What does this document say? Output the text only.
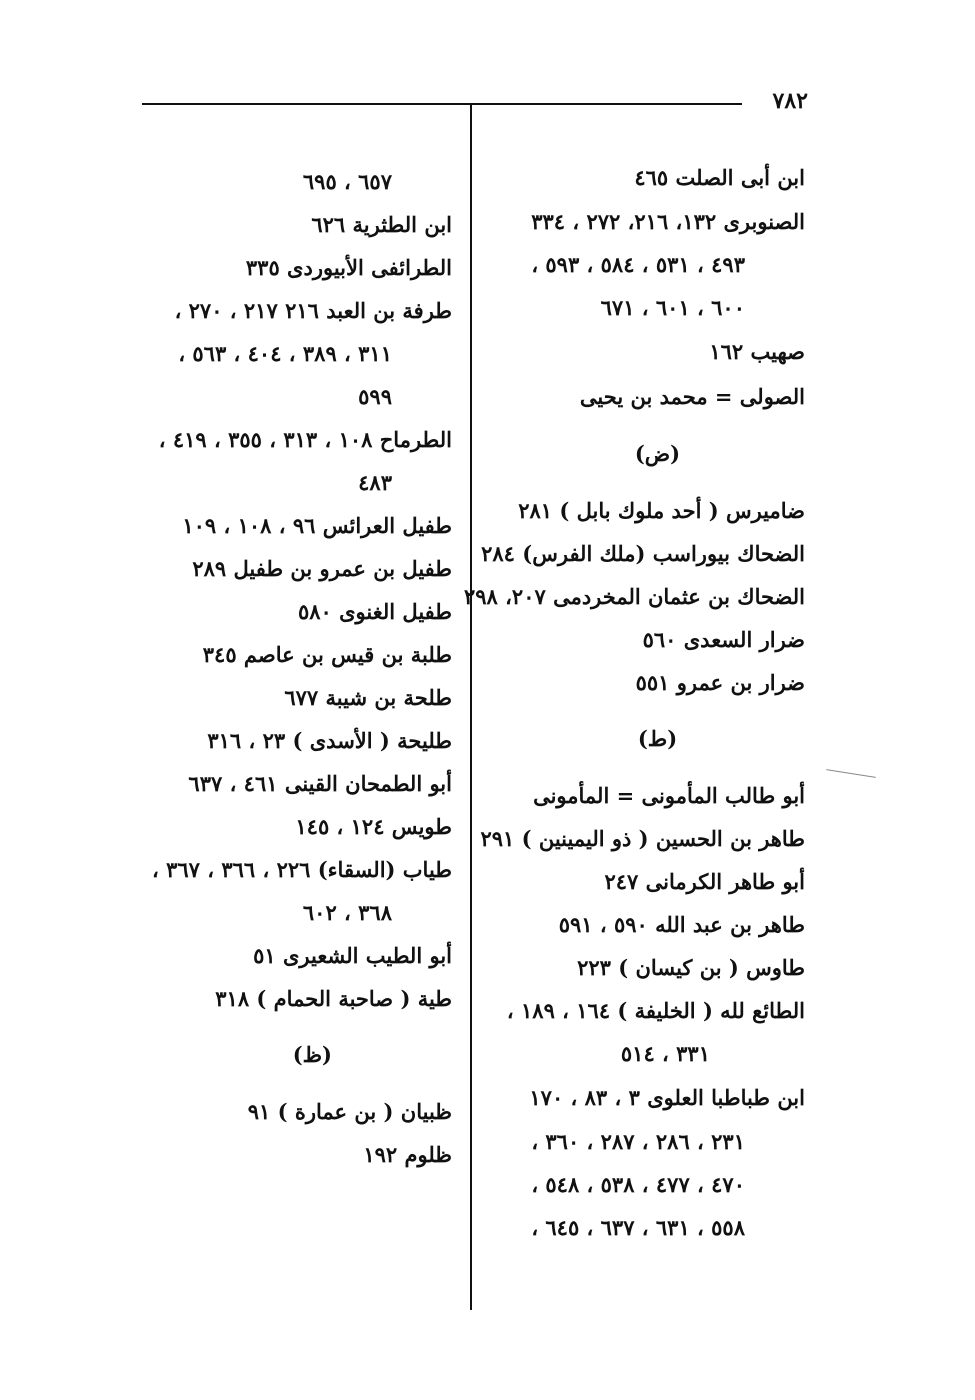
٧٨٢
ابن أبى الصلت ٤٦٥
الصنوبرى ١٣٢، ٢١٦، ٢٧٢ ، ٣٣٤
٤٩٣ ، ٥٣١ ، ٥٨٤ ، ٥٩٣ ،
٦٠٠ ، ٦٠١ ، ٦٧١
صهيب ١٦٢
الصولى = محمد بن يحيى
(ض)
ضامیرس ( أحد ملوك بابل ) ٢٨١
الضحاك بيوراسب (ملك الفرس) ٢٨٤
الضحاك بن عثمان المخردمى ٢٠٧، ٢٩٨
ضرار السعدى ٥٦٠
ضرار بن عمرو ٥٥١
(ط)
أبو طالب المأمونى = المأمونى
طاهر بن الحسين ( ذو اليمينين ) ٢٩١
أبو طاهر الكرمانى ٢٤٧
طاهر بن عبد الله ٥٩٠ ، ٥٩١
طاوس ( بن كيسان ) ٢٢٣
الطائع لله ( الخليفة ) ١٦٤ ، ١٨٩ ،
٣٣١ ، ٥١٤
ابن طباطبا العلوى ٣ ، ٨٣ ، ١٧٠
٢٣١ ، ٢٨٦ ، ٢٨٧ ، ٣٦٠ ،
٤٧٠ ، ٤٧٧ ، ٥٣٨ ، ٥٤٨ ،
٥٥٨ ، ٦٣١ ، ٦٣٧ ، ٦٤٥ ،
٦٥٧ ، ٦٩٥
ابن الطثرية ٦٢٦
الطرائفى الأبيوردى ٣٣٥
طرفة بن العبد ٢١٦ ٢١٧ ، ٢٧٠ ،
٣١١ ، ٣٨٩ ، ٤٠٤ ، ٥٦٣ ،
٥٩٩
الطرماح ١٠٨ ، ٣١٣ ، ٣٥٥ ، ٤١٩ ،
٤٨٣
طفيل العرائس ٩٦ ، ١٠٨ ، ١٠٩
طفيل بن عمرو بن طفيل ٢٨٩
طفيل الغنوى ٥٨٠
طلبة بن قيس بن عاصم ٣٤٥
طلحة بن شيبة ٦٧٧
طليحة ( الأسدى ) ٢٣ ، ٣١٦
أبو الطمحان القينى ٤٦١ ، ٦٣٧
طويس ١٢٤ ، ١٤٥
طياب (السقاء) ٢٢٦ ، ٣٦٦ ، ٣٦٧ ،
٣٦٨ ، ٦٠٢
أبو الطيب الشعيرى ٥١
طية ( صاحبة الحمام ) ٣١٨
(ظ)
ظبيان ( بن عمارة ) ٩١
ظلوم ١٩٢
